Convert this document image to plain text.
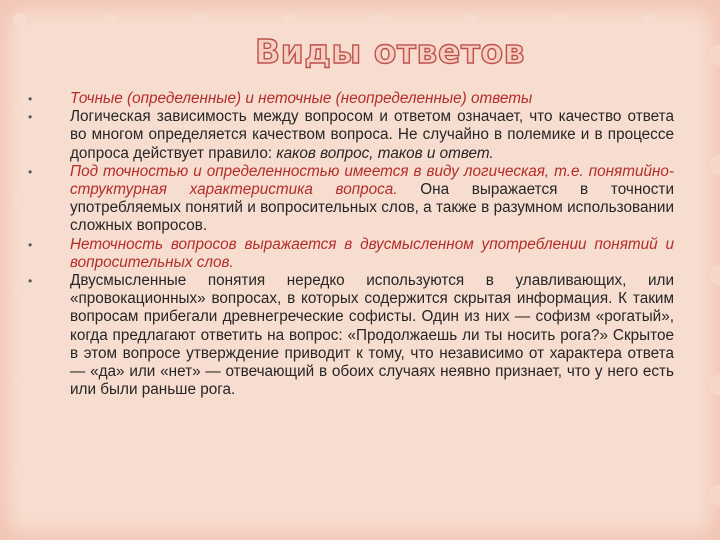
Виды ответов
• Точные (определенные) и неточные (неопределенные) ответы
• Логическая зависимость между вопросом и ответом означает, что качество ответа во многом определяется качеством вопроса. Не случайно в полемике и в процессе допроса действует правило: каков вопрос, таков и ответ.
• Под точностью и определенностью имеется в виду логическая, т.е. понятийно-структурная характеристика вопроса. Она выражается в точности употребляемых понятий и вопросительных слов, а также в разумном использовании сложных вопросов.
• Неточность вопросов выражается в двусмысленном употреблении понятий и вопросительных слов.
• Двусмысленные понятия нередко используются в улавливающих, или «провокационных» вопросах, в которых содержится скрытая информация. К таким вопросам прибегали древнегреческие софисты. Один из них — софизм «рогатый», когда предлагают ответить на вопрос: «Продолжаешь ли ты носить рога?» Скрытое в этом вопросе утверждение приводит к тому, что независимо от характера ответа — «да» или «нет» — отвечающий в обоих случаях неявно признает, что у него есть или были раньше рога.
